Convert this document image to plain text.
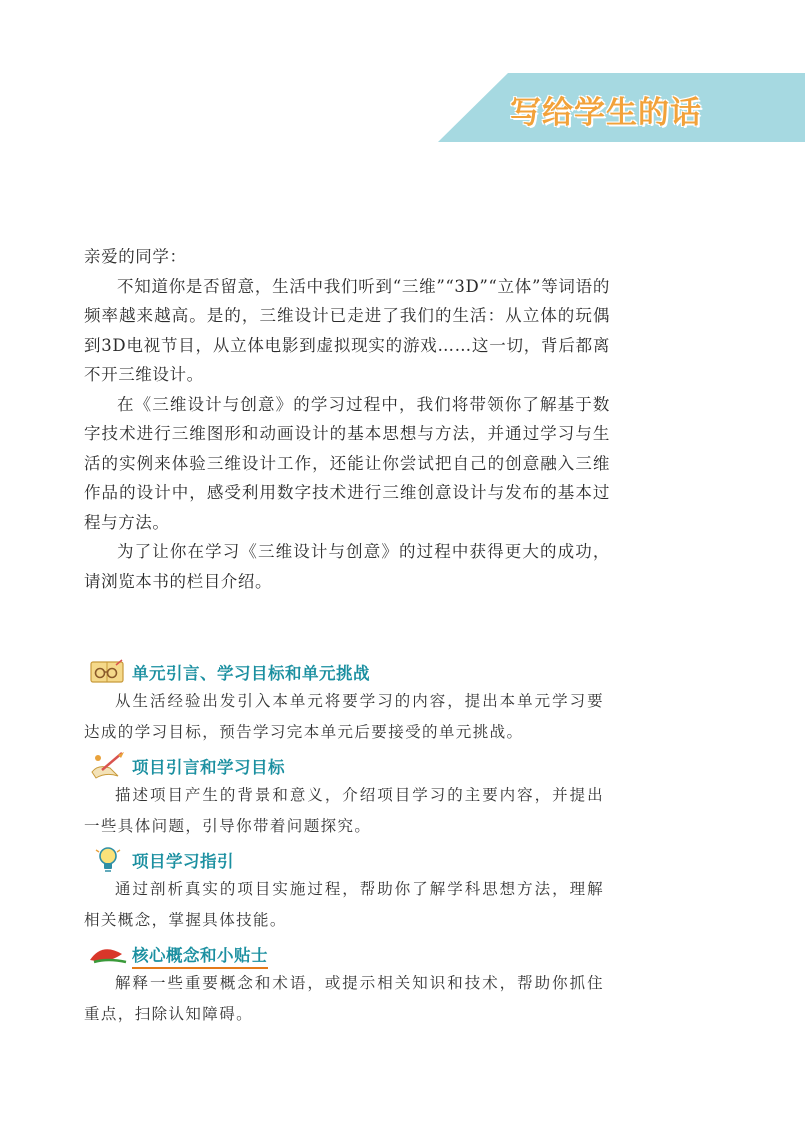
写给学生的话

亲爱的同学：

不知道你是否留意，生活中我们听到“三维”“3D”“立体”等词语的频率越来越高。是的，三维设计已走进了我们的生活：从立体的玩偶到3D电视节目，从立体电影到虚拟现实的游戏……这一切，背后都离不开三维设计。

在《三维设计与创意》的学习过程中，我们将带领你了解基于数字技术进行三维图形和动画设计的基本思想与方法，并通过学习与生活的实例来体验三维设计工作，还能让你尝试把自己的创意融入三维作品的设计中，感受利用数字技术进行三维创意设计与发布的基本过程与方法。

为了让你在学习《三维设计与创意》的过程中获得更大的成功，请浏览本书的栏目介绍。

单元引言、学习目标和单元挑战

从生活经验出发引入本单元将要学习的内容，提出本单元学习要达成的学习目标，预告学习完本单元后要接受的单元挑战。

项目引言和学习目标

描述项目产生的背景和意义，介绍项目学习的主要内容，并提出一些具体问题，引导你带着问题探究。

项目学习指引

通过剖析真实的项目实施过程，帮助你了解学科思想方法，理解相关概念，掌握具体技能。

核心概念和小贴士

解释一些重要概念和术语，或提示相关知识和技术，帮助你抓住重点，扫除认知障碍。
